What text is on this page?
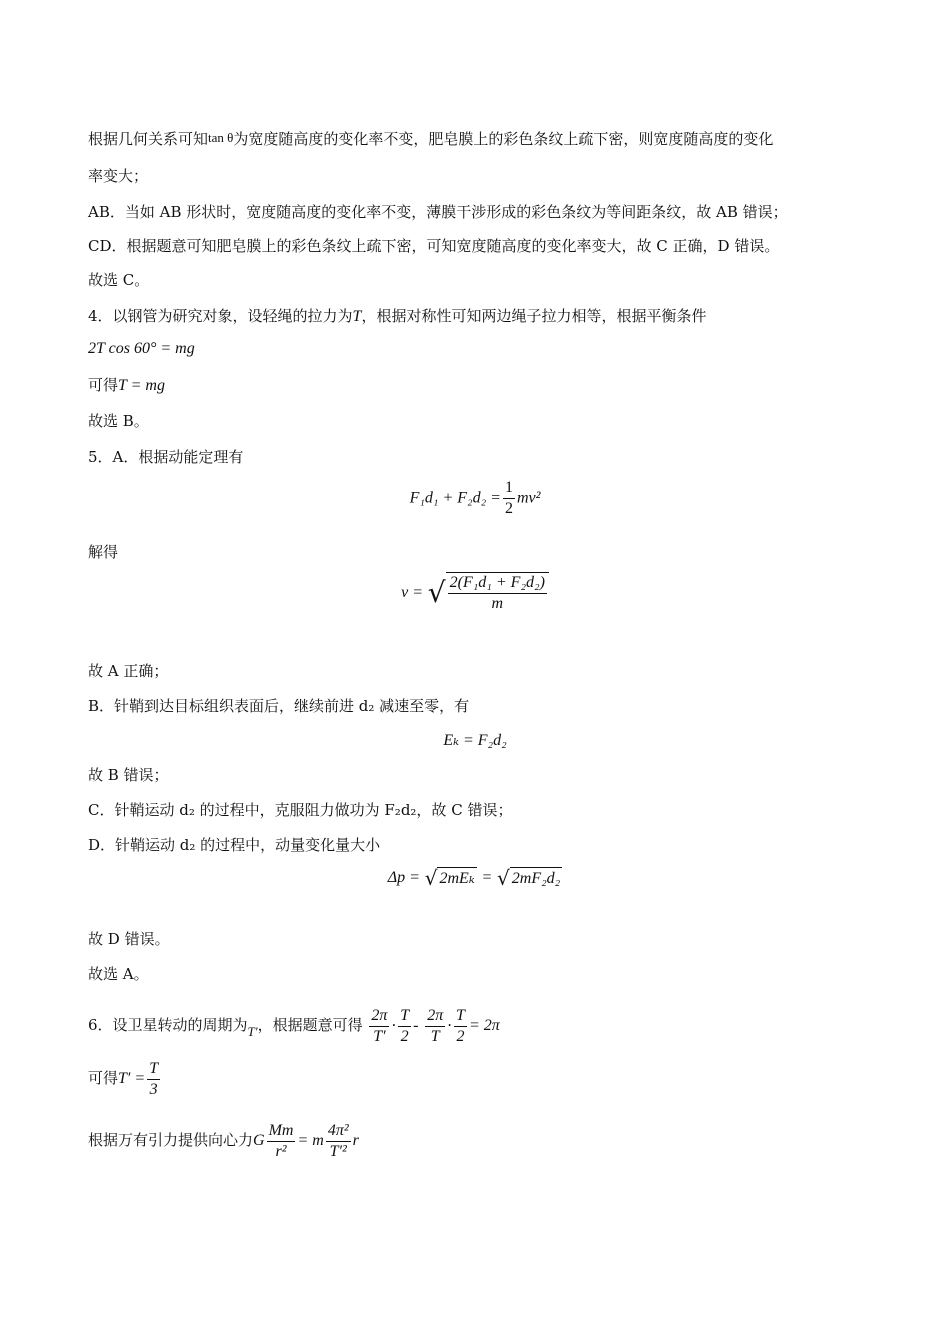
根据几何关系可知tan θ为宽度随高度的变化率不变，肥皂膜上的彩色条纹上疏下密，则宽度随高度的变化
率变大；
AB．当如 AB 形状时，宽度随高度的变化率不变，薄膜干涉形成的彩色条纹为等间距条纹，故 AB 错误；
CD．根据题意可知肥皂膜上的彩色条纹上疏下密，可知宽度随高度的变化率变大，故 C 正确，D 错误。
故选 C。
4．以钢管为研究对象，设轻绳的拉力为T，根据对称性可知两边绳子拉力相等，根据平衡条件
2T cos 60° = mg
可得T = mg
故选 B。
5．A．根据动能定理有
$F_1d_1 + F_2d_2 = \frac{1}{2} mv^2$
解得
v = √ $\frac{\text{2(F₁d₁ + F₂d₂)}}{m}$
故 A 正确；
B．针鞘到达目标组织表面后，继续前进 d₂ 减速至零，有
Eₖ = F₂d₂
故 B 错误；
C．针鞘运动 d₂ 的过程中，克服阻力做功为 F₂d₂，故 C 错误；
D．针鞘运动 d₂ 的过程中，动量变化量大小
Δp = √ 2mEₖ = √ 2mF₂d₂
故 D 错误。
故选 A。
6．设卫星转动的周期为T′，根据题意可得 $\frac{2\pi}{T'} \cdot \frac{T}{2} - \frac{2\pi}{T} \cdot \frac{T}{2} = 2\pi$
可得$T' = \frac{T}{3}$
根据万有引力提供向心力G $\frac{Mm}{\text{r²}} = m \frac{\text{4π²}}{\text{T′²}}$ r
